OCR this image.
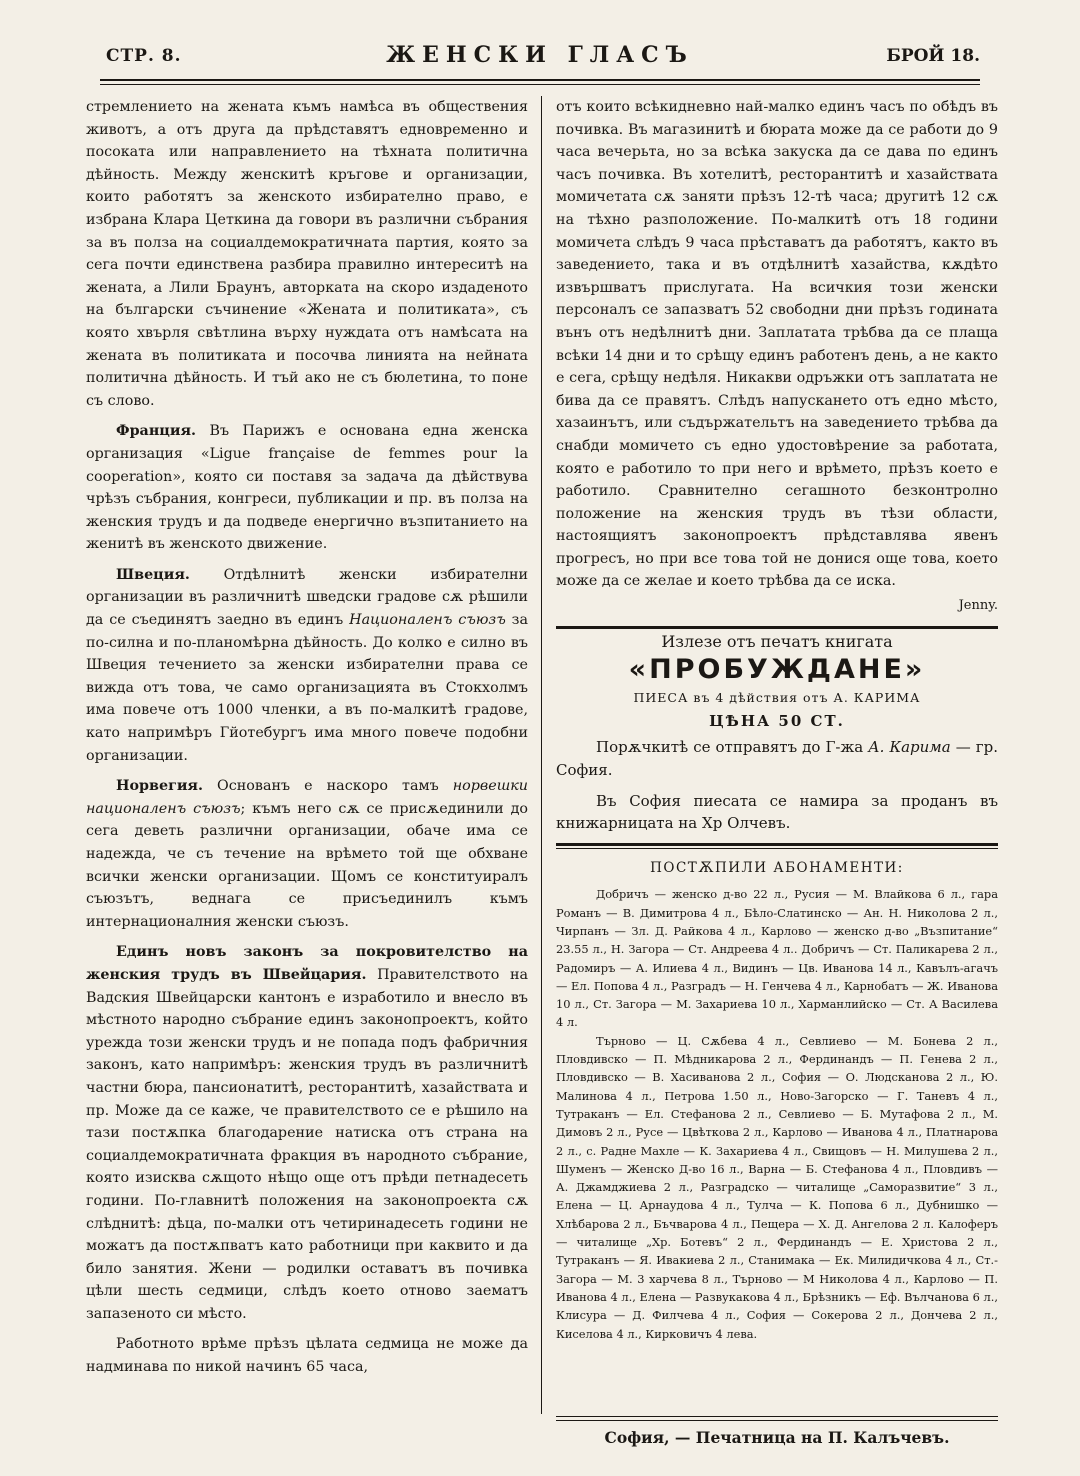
СТР. 8.	ЖЕНСКИ ГЛАСЪ	БРОЙ 18.

стремлението на жената къмъ намѣса въ обществения животъ, а отъ друга да прѣдставятъ едновременно и посоката или направлението на тѣхната политична дѣйность. Между женскитѣ кръгове и организации, които работятъ за женското избирателно право, е избрана Клара Цеткина да говори въ различни събрания за въ полза на социалдемократичната партия, която за сега почти единствена разбира правилно интереситѣ на жената, а Лили Браунъ, авторката на скоро издаденото на български съчинение «Жената и политиката», съ която хвърля свѣтлина върху нуждата отъ намѣсата на жената въ политиката и посочва линията на нейната политична дѣйность. И тъй ако не съ бюлетина, то поне съ слово.

Франция. Въ Парижъ е основана една женска организация «Ligue française de femmes pour la cooperation», която си поставя за задача да дѣйствува чрѣзъ събрания, конгреси, публикации и пр. въ полза на женския трудъ и да подведе енергично възпитанието на женитѣ въ женското движение.

Швеция. Отдѣлнитѣ женски избирателни организации въ различнитѣ шведски градове сѫ рѣшили да се съединятъ заедно въ единъ Националенъ съюзъ за по-силна и по-планомѣрна дѣйность. До колко е силно въ Швеция течението за женски избирателни права се вижда отъ това, че само организацията въ Стокхолмъ има повече отъ 1000 членки, а въ по-малкитѣ градове, като напримѣръ Гйотебургъ има много повече подобни организации.

Норвегия. Основанъ е наскоро тамъ норвешки националенъ съюзъ; къмъ него сѫ се присѫединили до сега деветь различни организации, обаче има се надежда, че съ течение на врѣмето той ще обхване всички женски организации. Щомъ се конституиралъ съюзътъ, веднага се присъединилъ къмъ интернационалния женски съюзъ.

Единъ новъ законъ за покровителство на женския трудъ въ Швейцария. Правителството на Вадския Швейцарски кантонъ е изработило и внесло въ мѣстното народно събрание единъ законопроектъ, който урежда този женски трудъ и не попада подъ фабричния законъ, като напримѣръ: женския трудъ въ различнитѣ частни бюра, пансионатитѣ, ресторантитѣ, хазайствата и пр. Може да се каже, че правителството се е рѣшило на тази постѫпка благодарение натиска отъ страна на социалдемократичната фракция въ народното събрание, която изисква сѫщото нѣщо още отъ прѣди петнадесеть години. По-главнитѣ положения на законопроекта сѫ слѣднитѣ: дѣца, по-малки отъ четиринадесеть години не можатъ да постѫпватъ като работници при каквито и да било занятия. Жени — родилки оставатъ въ почивка цѣли шесть седмици, слѣдъ което отново заематъ запазеното си мѣсто.

Работното врѣме прѣзъ цѣлата седмица не може да надминава по никой начинъ 65 часа,

отъ които всѣкидневно най-малко единъ часъ по обѣдъ въ почивка. Въ магазинитѣ и бюрата може да се работи до 9 часа вечерьта, но за всѣка закуска да се дава по единъ часъ почивка. Въ хотелитѣ, ресторантитѣ и хазайствата момичетата сѫ заняти прѣзъ 12-тѣ часа; другитѣ 12 сѫ на тѣхно разположение. По-малкитѣ отъ 18 години момичета слѣдъ 9 часа прѣставатъ да работятъ, както въ заведението, така и въ отдѣлнитѣ хазайства, кѫдѣто извършватъ прислугата. На всичкия този женски персоналъ се запазватъ 52 свободни дни прѣзъ годината вънъ отъ недѣлнитѣ дни. Заплатата трѣбва да се плаща всѣки 14 дни и то срѣщу единъ работенъ день, а не както е сега, срѣщу недѣля. Никакви одръжки отъ заплатата не бива да се правятъ. Слѣдъ напускането отъ едно мѣсто, хазаинътъ, или съдържательтъ на заведението трѣбва да снабди момичето съ едно удостовѣрение за работата, която е работило то при него и врѣмето, прѣзъ което е работило. Сравнително сегашното безконтролно положение на женския трудъ въ тѣзи области, настоящиятъ законопроектъ прѣдставлява явенъ прогресъ, но при все това той не донися още това, което може да се желае и което трѣбва да се иска.

Jenny.
Излезе отъ печатъ книгата
«ПРОБУЖДАНЕ»
ПИЕСА въ 4 дѣйствия отъ А. КАРИМА
ЦѢНА 50 СТ.

Порѫчкитѣ се отправятъ до Г-жа А. Карима — гр. София.

Въ София пиесата се намира за проданъ въ книжарницата на Хр Олчевъ.

ПОСТѪПИЛИ АБОНАМЕНТИ:

Добричъ — женско д-во 22 л., Русия — М. Влайкова 6 л., гара Романъ — В. Димитрова 4 л., Бѣло-Слатинско — Ан. Н. Николова 2 л., Чирпанъ — Зл. Д. Райкова 4 л., Карлово — женско д-во „Възпитание“ 23.55 л., Н. Загора — Ст. Андреева 4 л.. Добричъ — Ст. Паликарева 2 л., Радомиръ — А. Илиева 4 л., Видинъ — Цв. Иванова 14 л., Кавълъ-агачъ — Ел. Попова 4 л., Разградъ — Н. Генчева 4 л., Карнобатъ — Ж. Иванова 10 л., Ст. Загора — М. Захариева 10 л., Харманлийско — Ст. А Василева 4 л.

Търново — Ц. Сѫбева 4 л., Севлиево — М. Бонева 2 л., Пловдивско — П. Мѣдникарова 2 л., Фердинандъ — П. Генева 2 л., Пловдивско — В. Хасиванова 2 л., София — О. Людсканова 2 л., Ю. Малинова 4 л., Петрова 1.50 л., Ново-Загорско — Г. Таневъ 4 л., Тутраканъ — Ел. Стефанова 2 л., Севлиево — Б. Мутафова 2 л., М. Димовъ 2 л., Русе — Цвѣткова 2 л., Карлово — Иванова 4 л., Платнарова 2 л., с. Радне Махле — К. Захариева 4 л., Свищовъ — Н. Милушева 2 л., Шуменъ — Женско Д-во 16 л., Варна — Б. Стефанова 4 л., Пловдивъ — А. Джамджиева 2 л., Разградско — читалище „Саморазвитие“ 3 л., Елена — Ц. Арнаудова 4 л., Тулча — К. Попова 6 л., Дубнишко — Хлѣбарова 2 л., Бъчварова 4 л., Пещера — Х. Д. Ангелова 2 л. Калоферъ — читалище „Хр. Ботевъ“ 2 л., Фердинандъ — Е. Христова 2 л., Тутраканъ — Я. Ивакиева 2 л., Станимака — Ек. Милидичкова 4 л., Ст.-Загора — М. 3 харчева 8 л., Търново — М Николова 4 л., Карлово — П. Иванова 4 л., Елена — Развукакова 4 л., Брѣзникъ — Еф. Вълчанова 6 л., Клисура — Д. Филчева 4 л., София — Сокерова 2 л., Дончева 2 л., Киселова 4 л., Кирковичъ 4 лева.

София, — Печатница на П. Калъчевъ.
